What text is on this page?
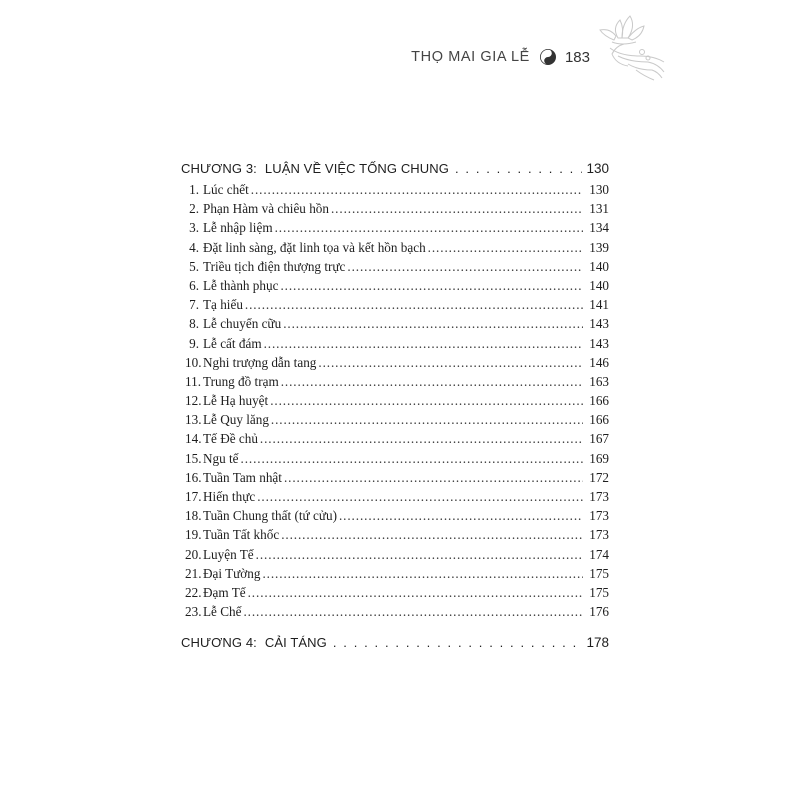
THỌ MAI GIA LỄ 183
CHƯƠNG 3: LUẬN VỀ VIỆC TỐNG CHUNG . . .	130
1. Lúc chết . . .	130
2. Phạn Hàm và chiêu hồn . . .	131
3. Lễ nhập liệm . . .	134
4. Đặt linh sàng, đặt linh tọa và kết hồn bạch . . .	139
5. Triều tịch điện thượng trực . . .	140
6. Lễ thành phục . . .	140
7. Tạ hiếu . . .	141
8. Lễ chuyển cữu . . .	143
9. Lễ cất đám . . .	143
10. Nghi trượng dẫn tang . . .	146
11. Trung đồ trạm . . .	163
12. Lễ Hạ huyệt . . .	166
13. Lễ Quy lăng . . .	166
14. Tế Đề chủ . . .	167
15. Ngu tế . . .	169
16. Tuần Tam nhật . . .	172
17. Hiến thực . . .	173
18. Tuần Chung thất (tứ cửu) . . .	173
19. Tuần Tất khốc . . .	173
20. Luyện Tế . . .	174
21. Đại Tường . . .	175
22. Đạm Tế . . .	175
23. Lễ Chế . . .	176
CHƯƠNG 4: CẢI TÁNG . . .	178
